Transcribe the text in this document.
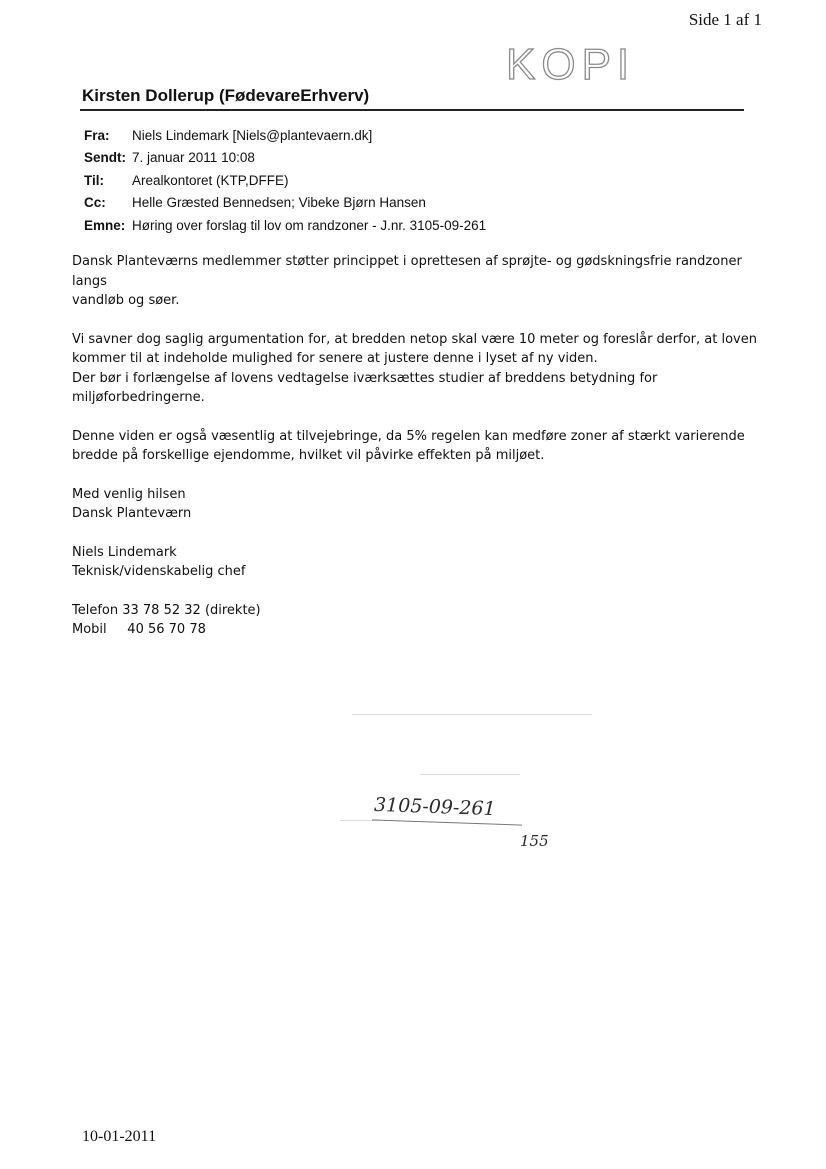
Side 1 af 1
KOPI
Kirsten Dollerup (FødevareErhverv)
Fra:	Niels Lindemark [Niels@plantevaern.dk]
Sendt: 7. januar 2011 10:08
Til:	Arealkontoret (KTP,DFFE)
Cc:	Helle Græsted Bennedsen; Vibeke Bjørn Hansen
Emne: Høring over forslag til lov om randzoner - J.nr. 3105-09-261

Dansk Planteværns medlemmer støtter princippet i oprettesen af sprøjte- og gødskningsfrie randzoner langs

vandløb og søer.

Vi savner dog saglig argumentation for, at bredden netop skal være 10 meter og foreslår derfor, at loven

kommer til at indeholde mulighed for senere at justere denne i lyset af ny viden.

Der bør i forlængelse af lovens vedtagelse iværksættes studier af breddens betydning for

miljøforbedringerne.

Denne viden er også væsentlig at tilvejebringe, da 5% regelen kan medføre zoner af stærkt varierende

bredde på forskellige ejendomme, hvilket vil påvirke effekten på miljøet.

Med venlig hilsen

Dansk Planteværn

Niels Lindemark

Teknisk/videnskabelig chef

Telefon 33 78 52 32 (direkte)

Mobil     40 56 70 78

3105-09-261
155
10-01-2011
